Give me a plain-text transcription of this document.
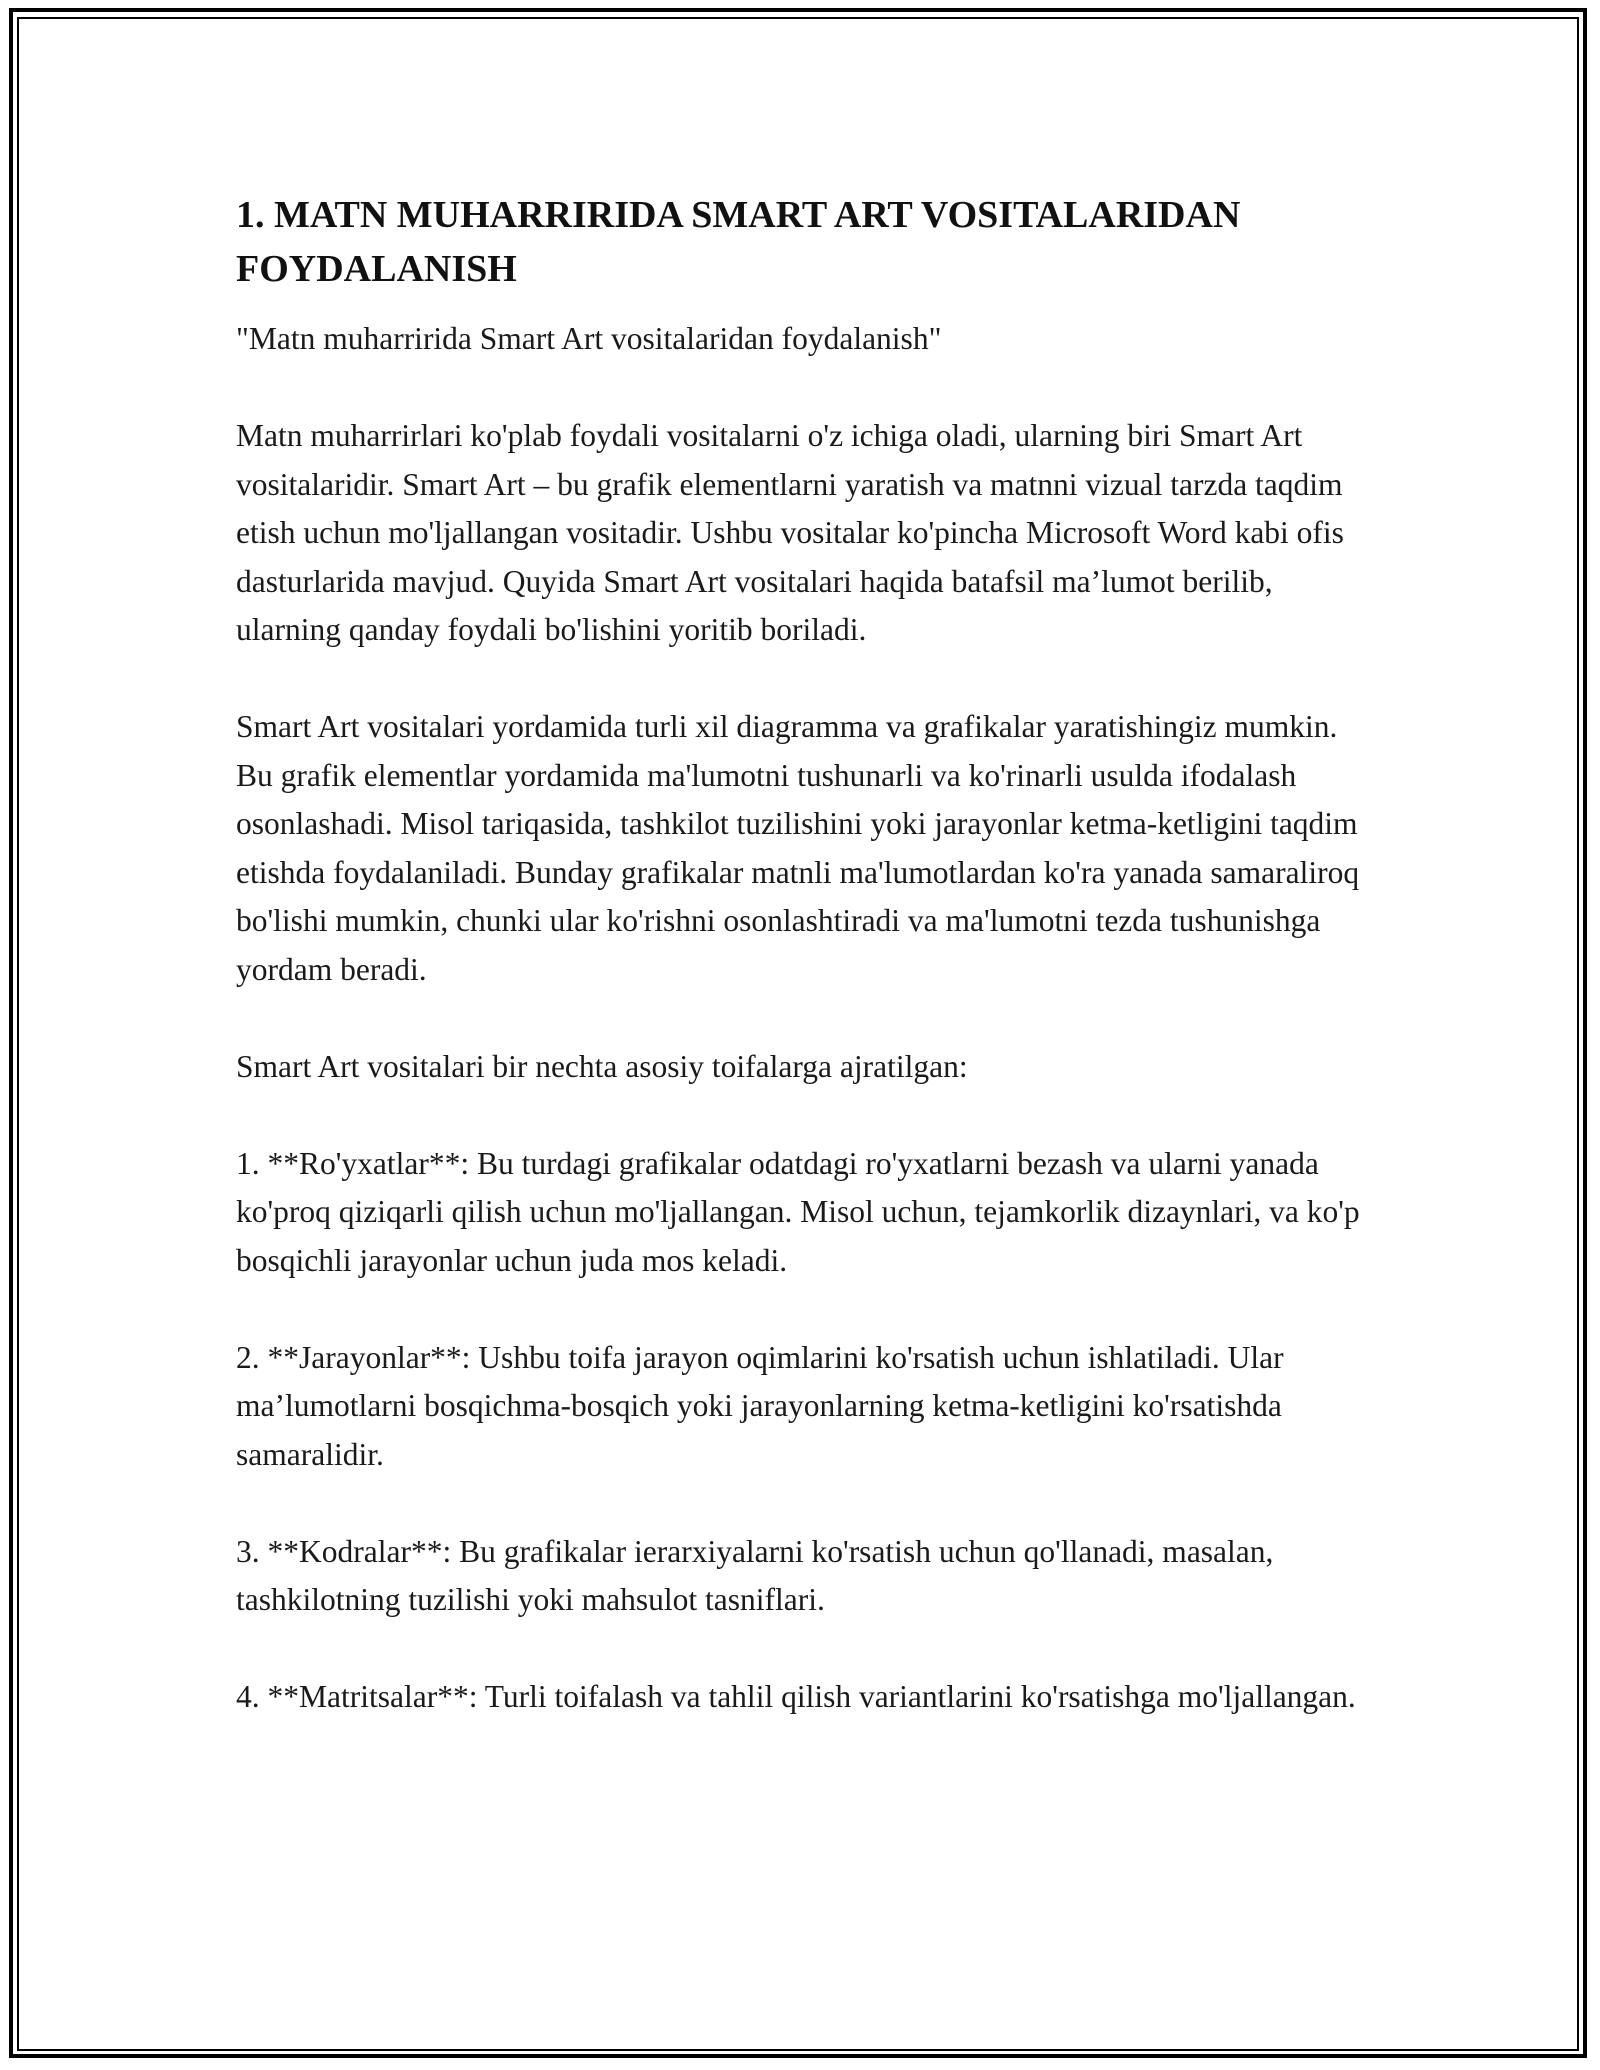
1. MATN MUHARRIRIDA SMART ART VOSITALARIDAN FOYDALANISH

"Matn muharririda Smart Art vositalaridan foydalanish"

Matn muharrirlari ko'plab foydali vositalarni o'z ichiga oladi, ularning biri Smart Art vositalaridir. Smart Art – bu grafik elementlarni yaratish va matnni vizual tarzda taqdim etish uchun mo'ljallangan vositadir. Ushbu vositalar ko'pincha Microsoft Word kabi ofis dasturlarida mavjud. Quyida Smart Art vositalari haqida batafsil ma’lumot berilib, ularning qanday foydali bo'lishini yoritib boriladi.

Smart Art vositalari yordamida turli xil diagramma va grafikalar yaratishingiz mumkin. Bu grafik elementlar yordamida ma'lumotni tushunarli va ko'rinarli usulda ifodalash osonlashadi. Misol tariqasida, tashkilot tuzilishini yoki jarayonlar ketma-ketligini taqdim etishda foydalaniladi. Bunday grafikalar matnli ma'lumotlardan ko'ra yanada samaraliroq bo'lishi mumkin, chunki ular ko'rishni osonlashtiradi va ma'lumotni tezda tushunishga yordam beradi.

Smart Art vositalari bir nechta asosiy toifalarga ajratilgan:

1. **Ro'yxatlar**: Bu turdagi grafikalar odatdagi ro'yxatlarni bezash va ularni yanada ko'proq qiziqarli qilish uchun mo'ljallangan. Misol uchun, tejamkorlik dizaynlari, va ko'p bosqichli jarayonlar uchun juda mos keladi.

2. **Jarayonlar**: Ushbu toifa jarayon oqimlarini ko'rsatish uchun ishlatiladi. Ular ma’lumotlarni bosqichma-bosqich yoki jarayonlarning ketma-ketligini ko'rsatishda samaralidir.

3. **Kodralar**: Bu grafikalar ierarxiyalarni ko'rsatish uchun qo'llanadi, masalan, tashkilotning tuzilishi yoki mahsulot tasniflari.

4. **Matritsalar**: Turli toifalash va tahlil qilish variantlarini ko'rsatishga mo'ljallangan.
